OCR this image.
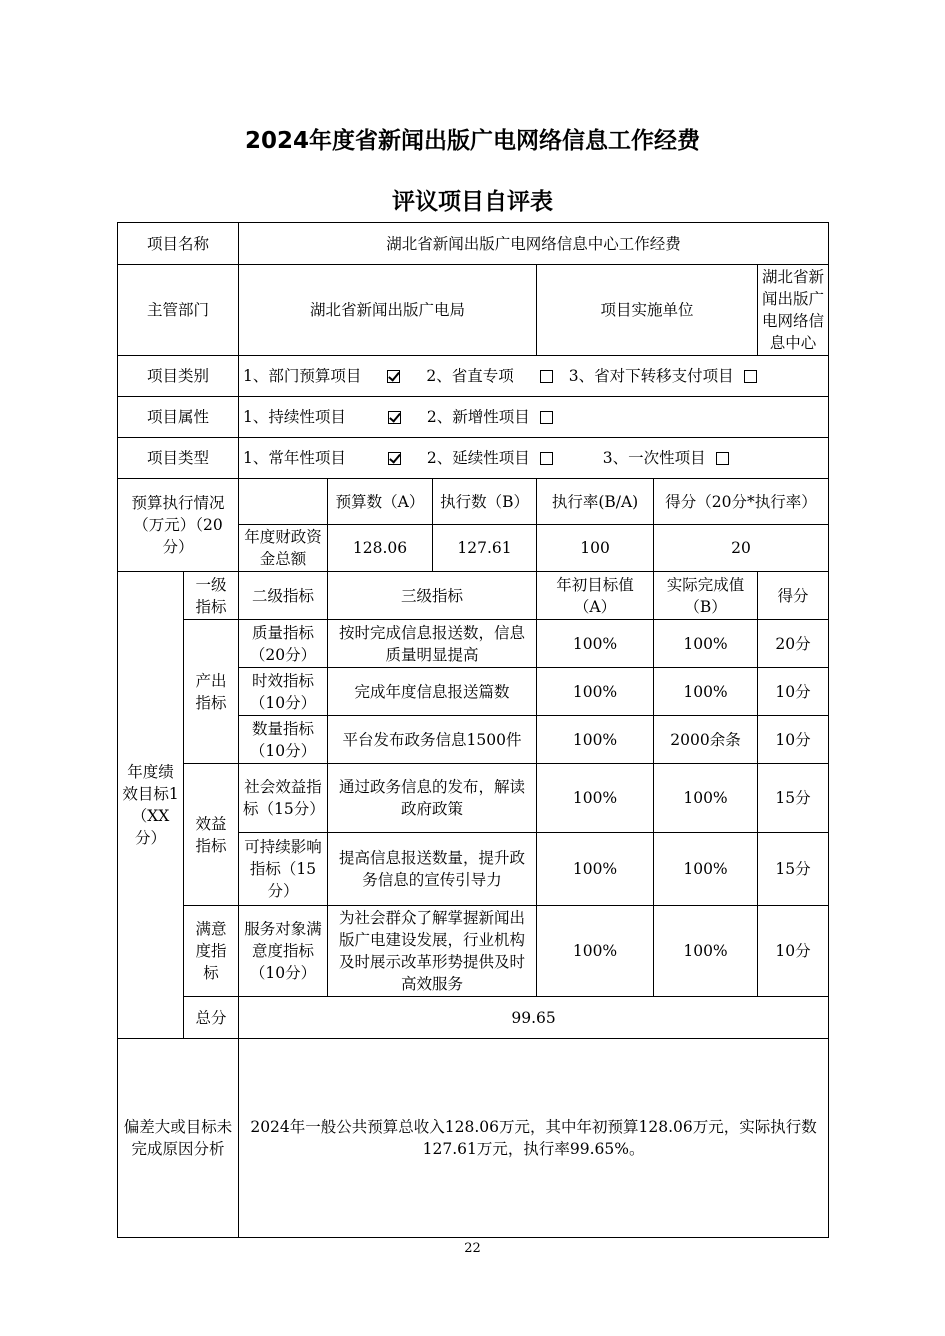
2024年度省新闻出版广电网络信息工作经费
评议项目自评表
项目名称		湖北省新闻出版广电网络信息中心工作经费					
主管部门		湖北省新闻出版广电局			项目实施单位		湖北省新闻出版广电网络信息中心
项目类别		1、部门预算项目 2、省直专项 3、省对下转移支付项目					

项目属性		1、持续性项目 2、新增性项目					

项目类型		1、常年性项目 2、延续性项目 3、一次性项目					

预算执行情况（万元）（20分）			预算数（A）	执行数（B）	执行率(B/A)	得分（20分*执行率）	
		年度财政资金总额	128.06	127.61	100	20	
年度绩效目标1（XX分）	一级指标	二级指标	三级指标		年初目标值（A）	实际完成值（B）	得分
	产出指标	质量指标（20分）	按时完成信息报送数，信息质量明显提高		100%	100%	20分
		时效指标（10分）	完成年度信息报送篇数		100%	100%	10分
		数量指标（10分）	平台发布政务信息1500件		100%	2000余条	10分
	效益指标	社会效益指标（15分）	通过政务信息的发布，解读政府政策		100%	100%	15分
		可持续影响指标（15分）	提高信息报送数量，提升政务信息的宣传引导力		100%	100%	15分
	满意度指标	服务对象满意度指标（10分）	为社会群众了解掌握新闻出版广电建设发展，行业机构及时展示改革形势提供及时高效服务		100%	100%	10分
	总分	99.65					
偏差大或目标未完成原因分析		2024年一般公共预算总收入128.06万元，其中年初预算128.06万元，实际执行数127.61万元，执行率99.65%。					
22
